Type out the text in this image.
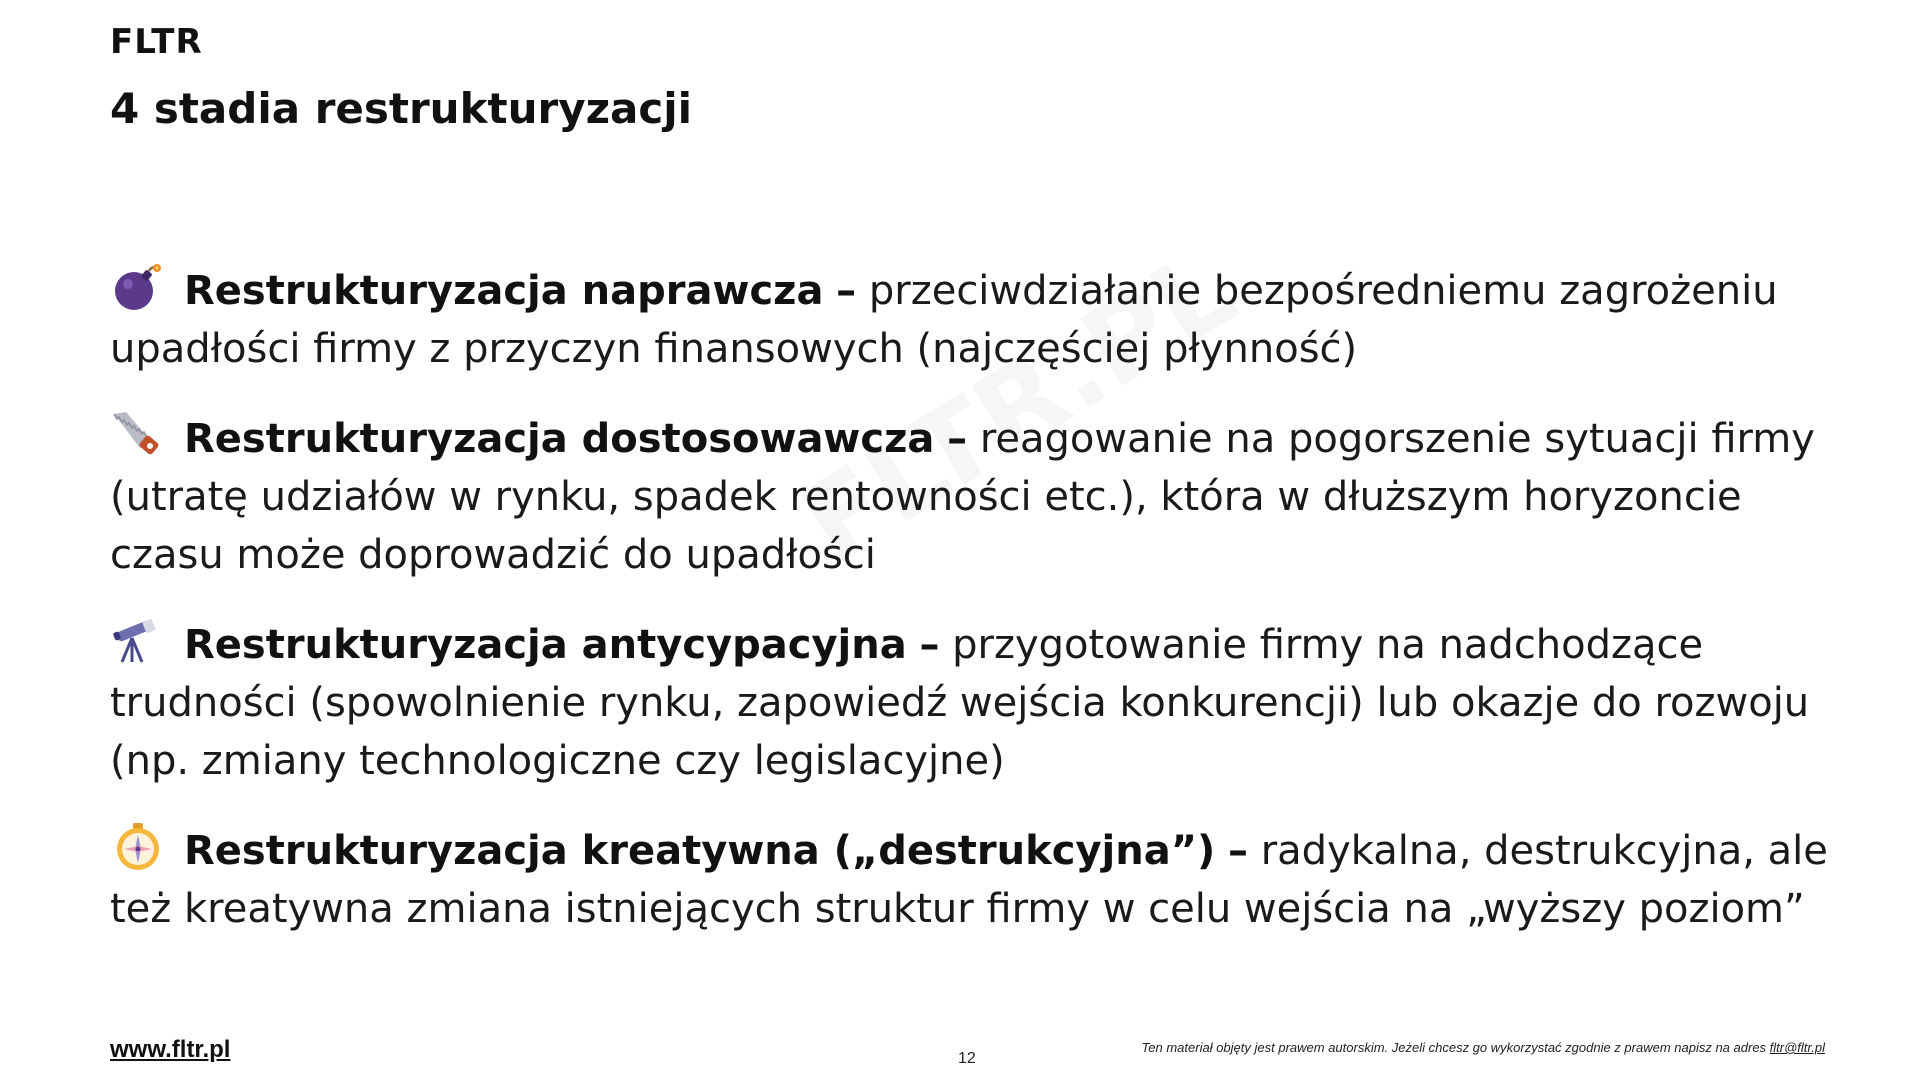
FLTR
4 stadia restrukturyzacji
Restrukturyzacja naprawcza – przeciwdziałanie bezpośredniemu zagrożeniu upadłości firmy z przyczyn finansowych (najczęściej płynność)
Restrukturyzacja dostosowawcza – reagowanie na pogorszenie sytuacji firmy (utratę udziałów w rynku, spadek rentowności etc.), która w dłuższym horyzoncie czasu może doprowadzić do upadłości
Restrukturyzacja antycypacyjna – przygotowanie firmy na nadchodzące trudności (spowolnienie rynku, zapowiedź wejścia konkurencji) lub okazje do rozwoju (np. zmiany technologiczne czy legislacyjne)
Restrukturyzacja kreatywna („destrukcyjna”) – radykalna, destrukcyjna, ale też kreatywna zmiana istniejących struktur firmy w celu wejścia na „wyższy poziom”
www.fltr.pl	12
Ten materiał objęty jest prawem autorskim. Jeżeli chcesz go wykorzystać zgodnie z prawem napisz na adres fltr@fltr.pl
